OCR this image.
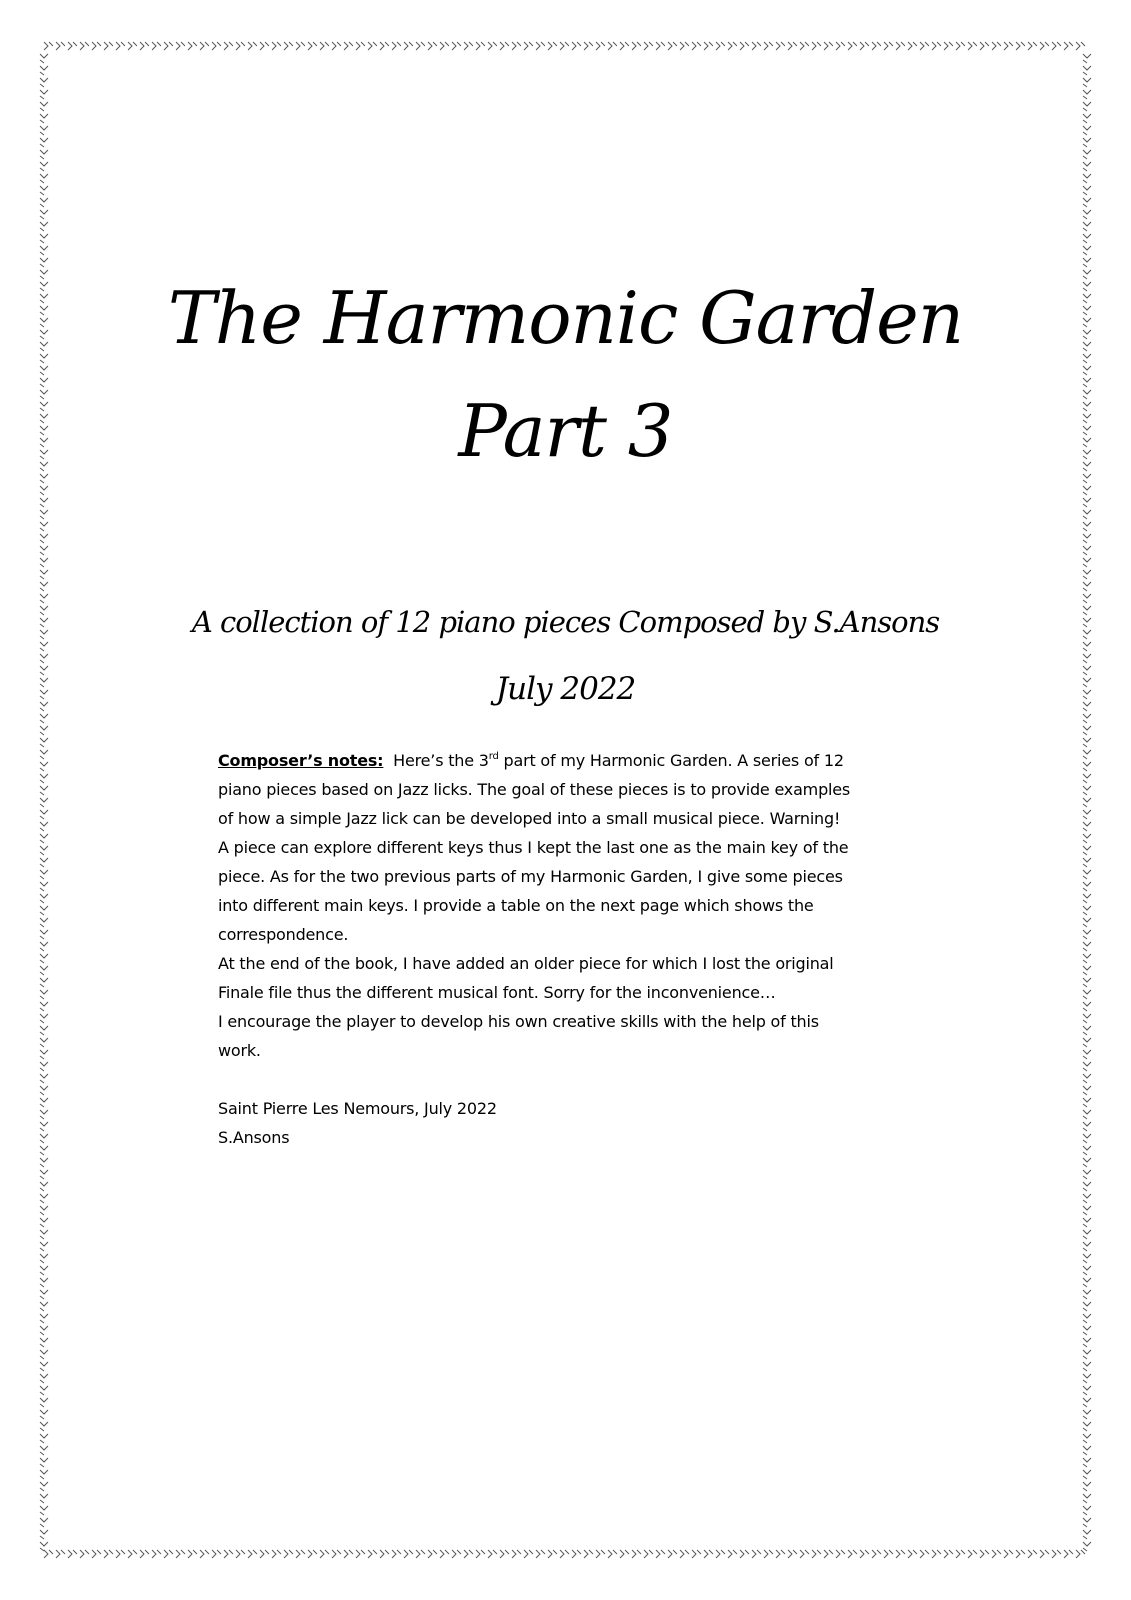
The Harmonic Garden
Part 3
A collection of 12 piano pieces Composed by S.Ansons
July 2022
Composer’s notes: Here’s the 3rd part of my Harmonic Garden. A series of 12
piano pieces based on Jazz licks. The goal of these pieces is to provide examples
of how a simple Jazz lick can be developed into a small musical piece. Warning!
A piece can explore different keys thus I kept the last one as the main key of the
piece. As for the two previous parts of my Harmonic Garden, I give some pieces
into different main keys. I provide a table on the next page which shows the
correspondence.
At the end of the book, I have added an older piece for which I lost the original
Finale file thus the different musical font. Sorry for the inconvenience…
I encourage the player to develop his own creative skills with the help of this
work.
Saint Pierre Les Nemours, July 2022
S.Ansons
